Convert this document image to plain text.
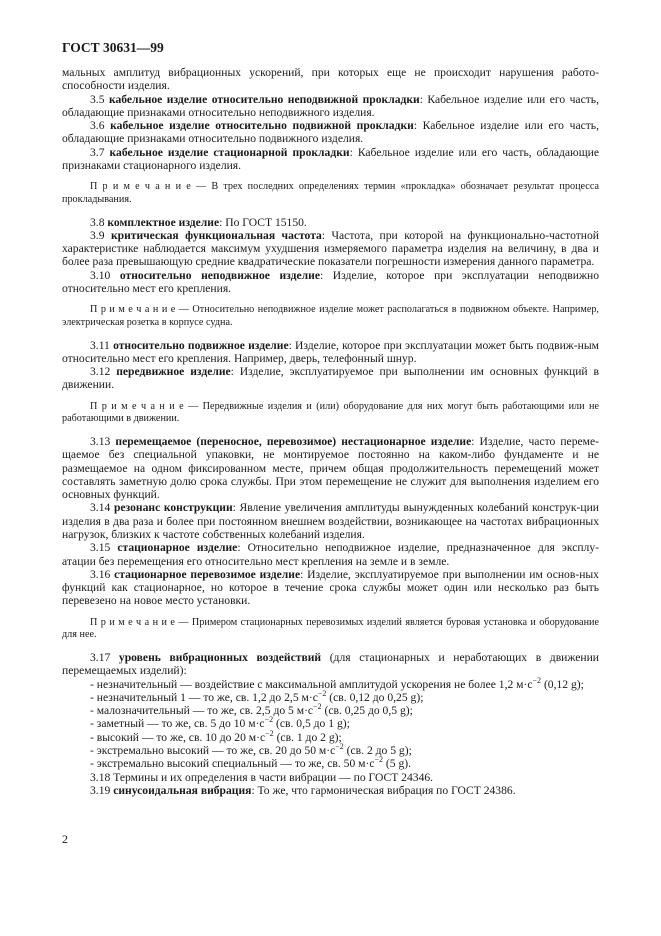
ГОСТ 30631—99

мальных амплитуд вибрационных ускорений, при которых еще не происходит нарушения работо-способности изделия.

3.5 кабельное изделие относительно неподвижной прокладки: Кабельное изделие или его часть, обладающие признаками относительно неподвижного изделия.

3.6 кабельное изделие относительно подвижной прокладки: Кабельное изделие или его часть, обладающие признаками относительно подвижного изделия.

3.7 кабельное изделие стационарной прокладки: Кабельное изделие или его часть, обладающие признаками стационарного изделия.

П р и м е ч а н и е — В трех последних определениях термин «прокладка» обозначает результат процесса прокладывания.

3.8 комплектное изделие: По ГОСТ 15150.

3.9 критическая функциональная частота: Частота, при которой на функционально-частотной характеристике наблюдается максимум ухудшения измеряемого параметра изделия на величину, в два и более раза превышающую средние квадратические показатели погрешности измерения данного параметра.

3.10 относительно неподвижное изделие: Изделие, которое при эксплуатации неподвижно относительно мест его крепления.

П р и м е ч а н и е — Относительно неподвижное изделие может располагаться в подвижном объекте. Например, электрическая розетка в корпусе судна.

3.11 относительно подвижное изделие: Изделие, которое при эксплуатации может быть подвиж-ным относительно мест его крепления. Например, дверь, телефонный шнур.

3.12 передвижное изделие: Изделие, эксплуатируемое при выполнении им основных функций в движении.

П р и м е ч а н и е — Передвижные изделия и (или) оборудование для них могут быть работающими или не работающими в движении.

3.13 перемещаемое (переносное, перевозимое) нестационарное изделие: Изделие, часто переме-щаемое без специальной упаковки, не монтируемое постоянно на каком-либо фундаменте и не размещаемое на одном фиксированном месте, причем общая продолжительность перемещений может составлять заметную долю срока службы. При этом перемещение не служит для выполнения изделием его основных функций.

3.14 резонанс конструкции: Явление увеличения амплитуды вынужденных колебаний конструк-ции изделия в два раза и более при постоянном внешнем воздействии, возникающее на частотах вибрационных нагрузок, близких к частоте собственных колебаний изделия.

3.15 стационарное изделие: Относительно неподвижное изделие, предназначенное для эксплу-атации без перемещения его относительно мест крепления на земле и в земле.

3.16 стационарное перевозимое изделие: Изделие, эксплуатируемое при выполнении им основ-ных функций как стационарное, но которое в течение срока службы может один или несколько раз быть перевезено на новое место установки.

П р и м е ч а н и е — Примером стационарных перевозимых изделий является буровая установка и оборудование для нее.

3.17 уровень вибрационных воздействий (для стационарных и неработающих в движении перемещаемых изделий):

- незначительный — воздействие с максимальной амплитудой ускорения не более 1,2 $м\cdot с^{-2}$ (0,12 g);
- незначительный 1 — то же, св. 1,2 до 2,5 $м\cdot с^{-2}$ (св. 0,12 до 0,25 g);
- малозначительный — то же, св. 2,5 до 5 $м\cdot с^{-2}$ (св. 0,25 до 0,5 g);
- заметный — то же, св. 5 до 10 $м\cdot с^{-2}$ (св. 0,5 до 1 g);
- высокий — то же, св. 10 до 20 $м\cdot с^{-2}$ (св. 1 до 2 g);
- экстремально высокий — то же, св. 20 до 50 $м\cdot с^{-2}$ (св. 2 до 5 g);
- экстремально высокий специальный — то же, св. 50 $м\cdot с^{-2}$ (5 g).

3.18 Термины и их определения в части вибрации — по ГОСТ 24346.

3.19 синусоидальная вибрация: То же, что гармоническая вибрация по ГОСТ 24386.

2
